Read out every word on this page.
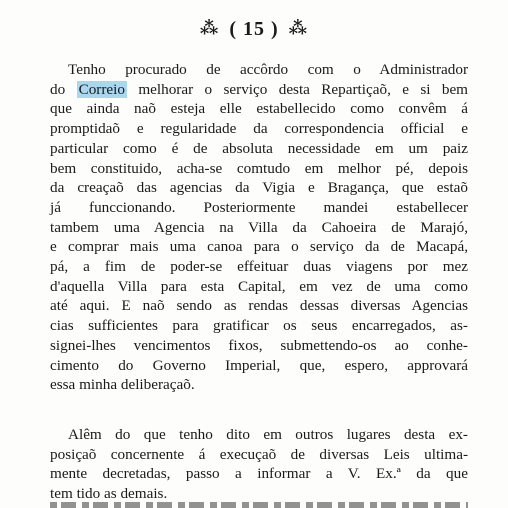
⁂ ( 15 ) ⁂
Tenho procurado de accôrdo com o Administrador
do Correio melhorar o serviço desta Repartiçaõ, e si bem
que ainda naõ esteja elle estabellecido como convêm á
promptidaõ e regularidade da correspondencia official e
particular como é de absoluta necessidade em um paiz
bem constituido, acha-se comtudo em melhor pé, depois
da creaçaõ das agencias da Vigia e Bragança, que estaõ
já funccionando. Posteriormente mandei estabellecer
tambem uma Agencia na Villa da Cahoeira de Marajó,
e comprar mais uma canoa para o serviço da de Macapá,
pá, a fim de poder-se effeituar duas viagens por mez
d'aquella Villa para esta Capital, em vez de uma como
até aqui. E naõ sendo as rendas dessas diversas Agencias
cias sufficientes para gratificar os seus encarregados, as-
signei-lhes vencimentos fixos, submettendo-os ao conhe-
cimento do Governo Imperial, que, espero, approvará
essa minha deliberaçaõ.
Alêm do que tenho dito em outros lugares desta ex-
posiçaõ concernente á execuçaõ de diversas Leis ultima-
mente decretadas, passo a informar a V. Ex.ª da que
tem tido as demais.
